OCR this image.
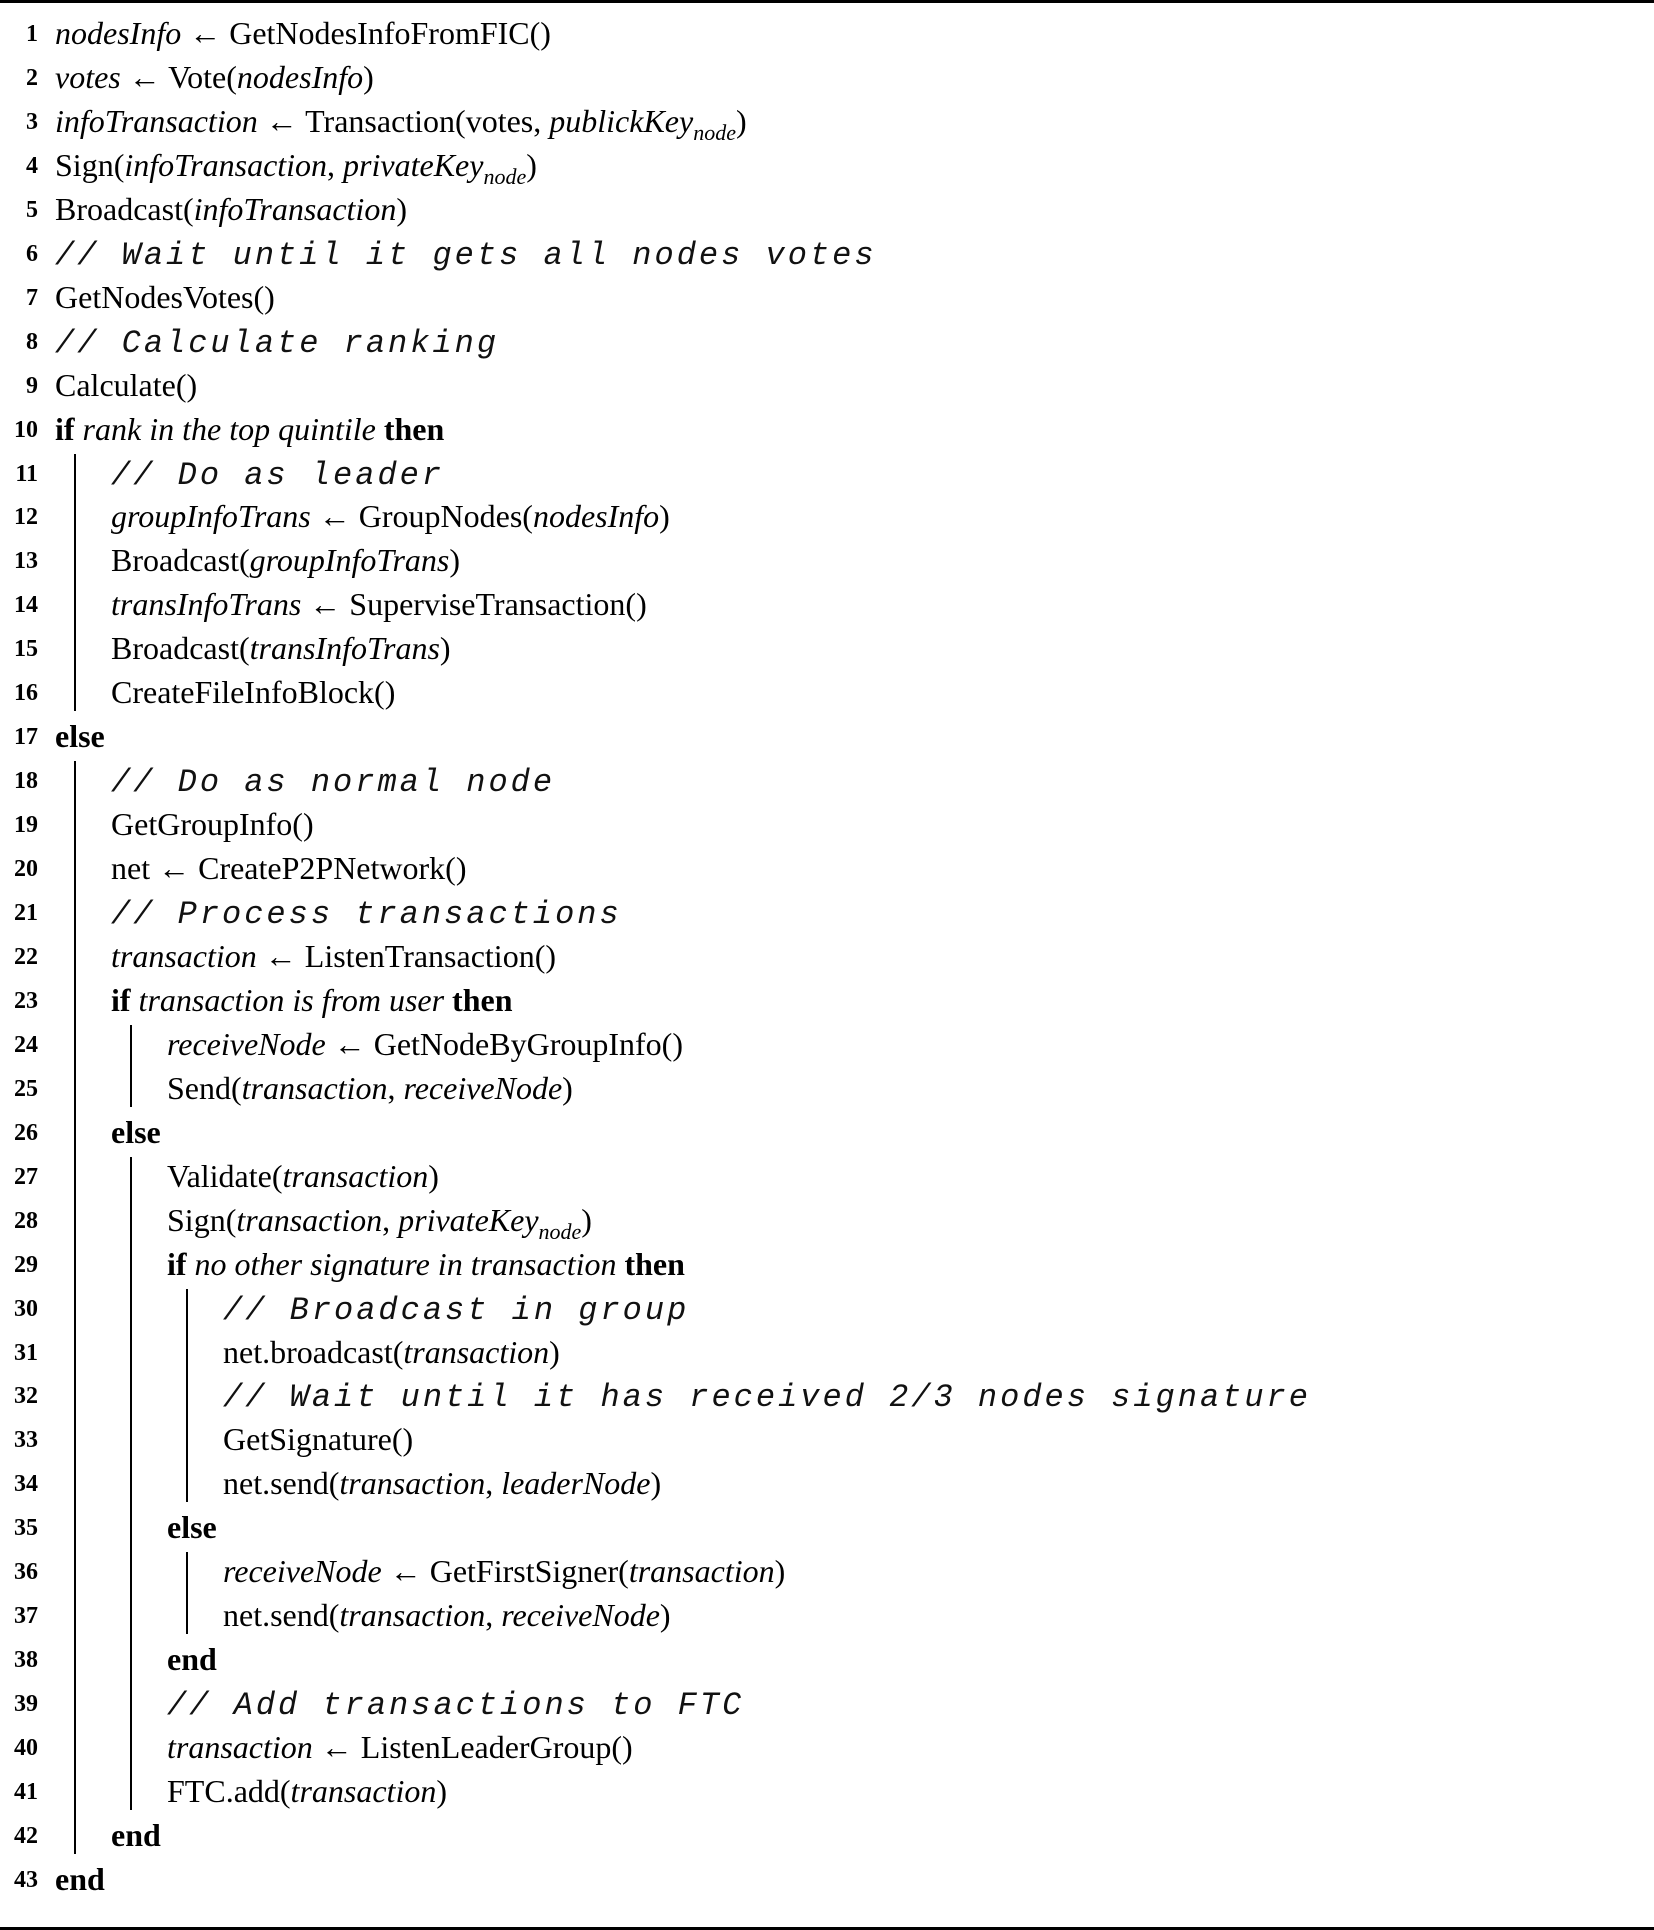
1 nodesInfo ← GetNodesInfoFromFIC()
2 votes ← Vote(nodesInfo)
3 infoTransaction ← Transaction(votes, publickKey$_{node}$)
4 Sign(infoTransaction, privateKey$_{node}$)
5 Broadcast(infoTransaction)
6 // Wait until it gets all nodes votes
7 GetNodesVotes()
8 // Calculate ranking
9 Calculate()
10 if rank in the top quintile then
11 // Do as leader
12 groupInfoTrans ← GroupNodes(nodesInfo)
13 Broadcast(groupInfoTrans)
14 transInfoTrans ← SuperviseTransaction()
15 Broadcast(transInfoTrans)
16 CreateFileInfoBlock()
17 else
18 // Do as normal node
19 GetGroupInfo()
20 net ← CreateP2PNetwork()
21 // Process transactions
22 transaction ← ListenTransaction()
23 if transaction is from user then
24	receiveNode ← GetNodeByGroupInfo()
25	Send(transaction, receiveNode)
26 else
27	Validate(transaction)
28	Sign(transaction, privateKey$_{node}$)
29	if no other signature in transaction then
30	// Broadcast in group
31	net.broadcast(transaction)
32	// Wait until it has received 2/3 nodes signature
33	GetSignature()
34	net.send(transaction, leaderNode)
35	else
36	receiveNode ← GetFirstSigner(transaction)
37	net.send(transaction, receiveNode)
38	end
39	// Add transactions to FTC
40	transaction ← ListenLeaderGroup()
41	FTC.add(transaction)
42 end
43 end
